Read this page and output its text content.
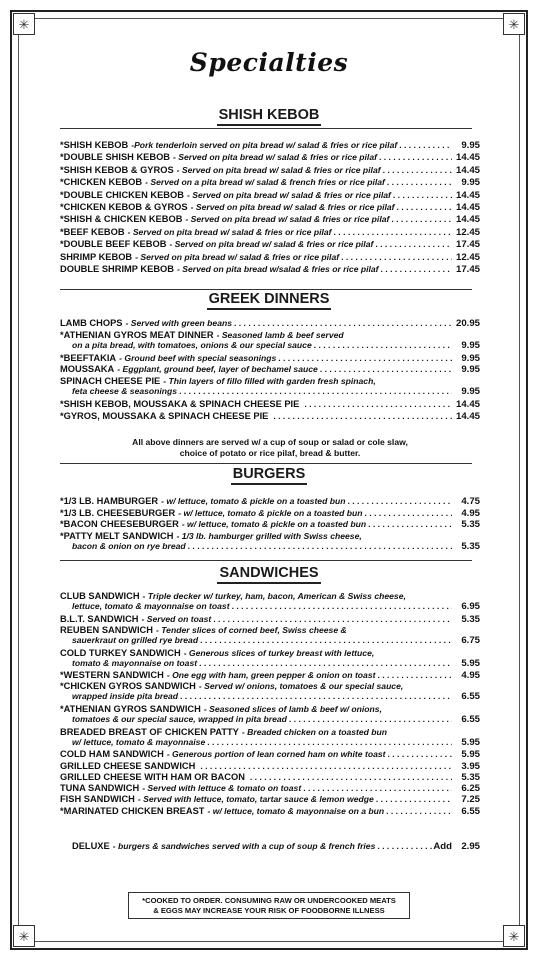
✳	✳
✳	✳
Specialties
SHISH KEBOB
*SHISH KEBOB -Pork tenderloin served on pita bread w/ salad & fries or rice pilaf . . .	9.95
*DOUBLE SHISH KEBOB - Served on pita bread w/ salad & fries or rice pilaf . . .	14.45
*SHISH KEBOB & GYROS - Served on pita bread w/ salad & fries or rice pilaf . . .	14.45
*CHICKEN KEBOB - Served on a pita bread w/ salad & french fries or rice pilaf . . .	9.95
*DOUBLE CHICKEN KEBOB - Served on pita bread w/ salad & fries or rice pilaf . . .	14.45
*CHICKEN KEBOB & GYROS - Served on pita bread w/ salad & fries or rice pilaf . . .	14.45
*SHISH & CHICKEN KEBOB - Served on pita bread w/ salad & fries or rice pilaf . . .	14.45
*BEEF KEBOB - Served on pita bread w/ salad & fries or rice pilaf . . .	12.45
*DOUBLE BEEF KEBOB - Served on pita bread w/ salad & fries or rice pilaf . . .	17.45
SHRIMP KEBOB - Served on pita bread w/ salad & fries or rice pilaf . . .	12.45
DOUBLE SHRIMP KEBOB - Served on pita bread w/salad & fries or rice pilaf . . .	17.45
GREEK DINNERS
LAMB CHOPS - Served with green beans . . .	20.95
*ATHENIAN GYROS MEAT DINNER - Seasoned lamb & beef served
on a pita bread, with tomatoes, onions & our special sauce . . .	9.95
*BEEFTAKIA - Ground beef with special seasonings . . .	9.95
MOUSSAKA - Eggplant, ground beef, layer of bechamel sauce . . .	9.95
SPINACH CHEESE PIE - Thin layers of fillo filled with garden fresh spinach,
feta cheese & seasonings . . .	9.95
*SHISH KEBOB, MOUSSAKA & SPINACH CHEESE PIE . . .	14.45
*GYROS, MOUSSAKA & SPINACH CHEESE PIE . . .	14.45
All above dinners are served w/ a cup of soup or salad or cole slaw,
choice of potato or rice pilaf, bread & butter.
BURGERS
*1/3 LB. HAMBURGER - w/ lettuce, tomato & pickle on a toasted bun . . .	4.75
*1/3 LB. CHEESEBURGER - w/ lettuce, tomato & pickle on a toasted bun . . .	4.95
*BACON CHEESEBURGER - w/ lettuce, tomato & pickle on a toasted bun . . .	5.35
*PATTY MELT SANDWICH - 1/3 lb. hamburger grilled with Swiss cheese,
bacon & onion on rye bread . . .	5.35
SANDWICHES
CLUB SANDWICH - Triple decker w/ turkey, ham, bacon, American & Swiss cheese,
lettuce, tomato & mayonnaise on toast . . .	6.95
B.L.T. SANDWICH - Served on toast . . .	5.35
REUBEN SANDWICH - Tender slices of corned beef, Swiss cheese &
sauerkraut on grilled rye bread . . .	6.75
COLD TURKEY SANDWICH - Generous slices of turkey breast with lettuce,
tomato & mayonnaise on toast . . .	5.95
*WESTERN SANDWICH - One egg with ham, green pepper & onion on toast . . .	4.95
*CHICKEN GYROS SANDWICH - Served w/ onions, tomatoes & our special sauce,
wrapped inside pita bread . . .	6.55
*ATHENIAN GYROS SANDWICH - Seasoned slices of lamb & beef w/ onions,
tomatoes & our special sauce, wrapped in pita bread . . .	6.55
BREADED BREAST OF CHICKEN PATTY - Breaded chicken on a toasted bun
w/ lettuce, tomato & mayonnaise . . .	5.95
COLD HAM SANDWICH - Generous portion of lean corned ham on white toast . . .	5.95
GRILLED CHEESE SANDWICH . . .	3.95
GRILLED CHEESE WITH HAM OR BACON . . .	5.35
TUNA SANDWICH - Served with lettuce & tomato on toast . . .	6.25
FISH SANDWICH - Served with lettuce, tomato, tartar sauce & lemon wedge . . .	7.25
*MARINATED CHICKEN BREAST - w/ lettuce, tomato & mayonnaise on a bun . . .	6.55
DELUXE - burgers & sandwiches served with a cup of soup & french fries . . .	Add 2.95
*COOKED TO ORDER. CONSUMING RAW OR UNDERCOOKED MEATS
& EGGS MAY INCREASE YOUR RISK OF FOODBORNE ILLNESS
